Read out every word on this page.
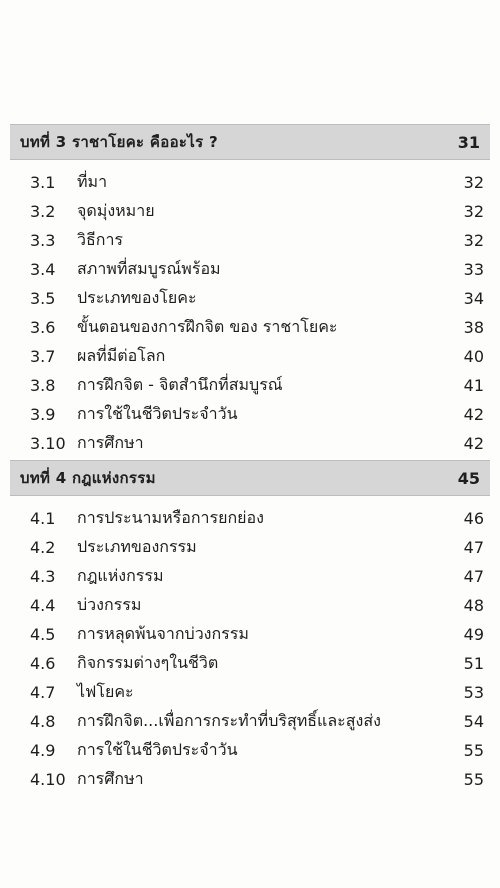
บทที่ 3 ราชาโยคะ คืออะไร ?	31
3.1	ที่มา	32
3.2	จุดมุ่งหมาย	32
3.3	วิธีการ	32
3.4	สภาพที่สมบูรณ์พร้อม	33
3.5	ประเภทของโยคะ	34
3.6	ขั้นตอนของการฝึกจิต ของ ราชาโยคะ	38
3.7	ผลที่มีต่อโลก	40
3.8	การฝึกจิต - จิตสำนึกที่สมบูรณ์	41
3.9	การใช้ในชีวิตประจำวัน	42
3.10 การศึกษา	42
บทที่ 4 กฎแห่งกรรม	45
4.1	การประนามหรือการยกย่อง	46
4.2	ประเภทของกรรม	47
4.3	กฎแห่งกรรม	47
4.4	บ่วงกรรม	48
4.5	การหลุดพ้นจากบ่วงกรรม	49
4.6	กิจกรรมต่างๆในชีวิต	51
4.7	ไฟโยคะ	53
4.8	การฝึกจิต...เพื่อการกระทำที่บริสุทธิ์และสูงส่ง	54
4.9	การใช้ในชีวิตประจำวัน	55
4.10 การศึกษา	55
